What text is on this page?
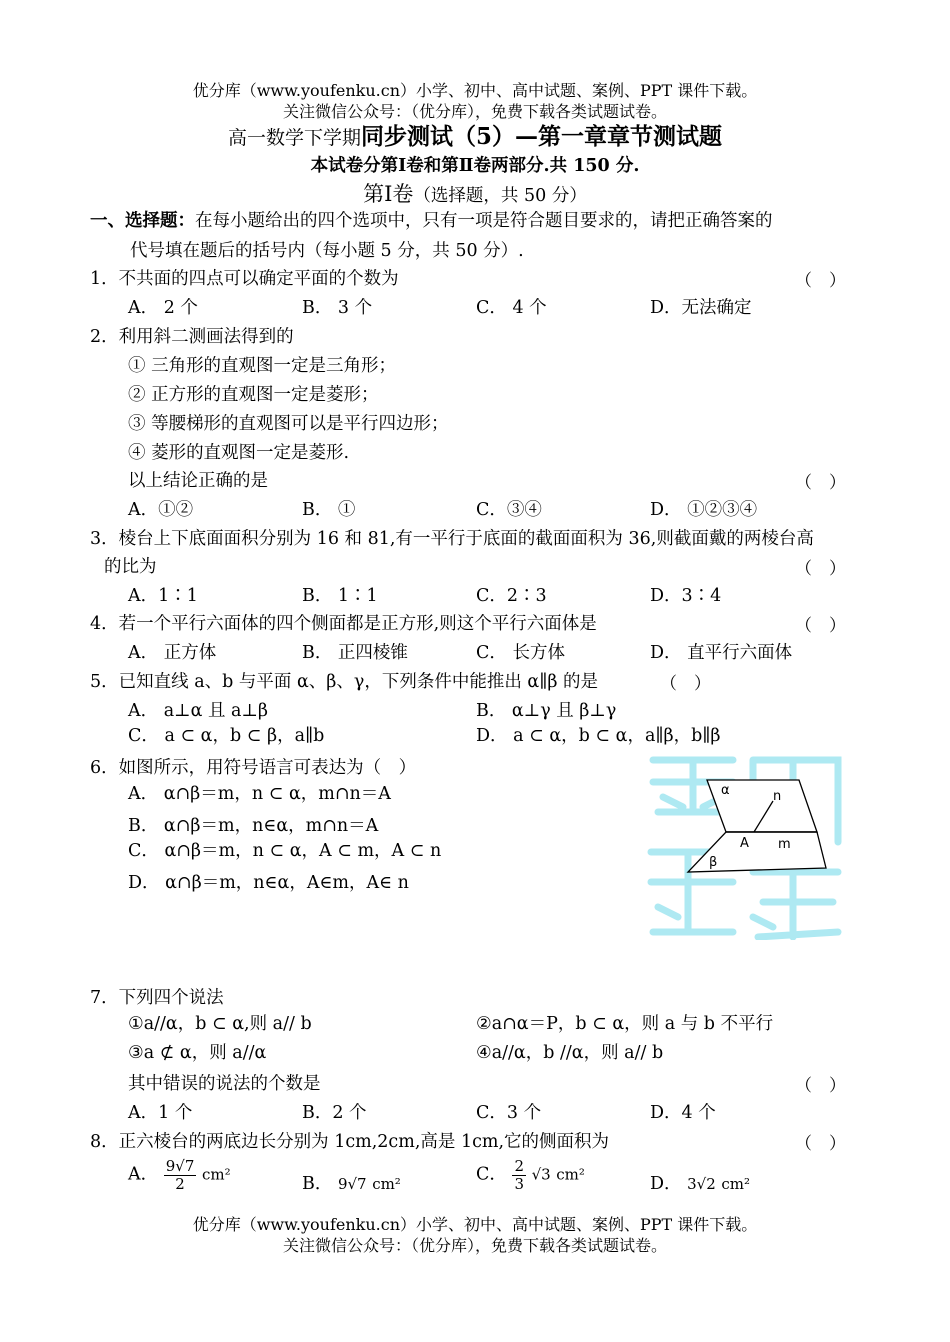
优分库（www.youfenku.cn）小学、初中、高中试题、案例、PPT 课件下载。
关注微信公众号：（优分库），免费下载各类试题试卷。
高一数学下学期同步测试（5）—第一章章节测试题
本试卷分第Ⅰ卷和第Ⅱ卷两部分.共 150 分.
第Ⅰ卷（选择题，共 50 分）
一、选择题：在每小题给出的四个选项中，只有一项是符合题目要求的，请把正确答案的
代号填在题后的括号内（每小题 5 分，共 50 分）.
1．不共面的四点可以确定平面的个数为	（　）
A． 2 个	B． 3 个	C． 4 个	D．无法确定
2．利用斜二测画法得到的
① 三角形的直观图一定是三角形；
② 正方形的直观图一定是菱形；
③ 等腰梯形的直观图可以是平行四边形；
④ 菱形的直观图一定是菱形.
以上结论正确的是	（　）
A．①②	B． ①	C．③④	D． ①②③④
3．棱台上下底面面积分别为 16 和 81,有一平行于底面的截面面积为 36,则截面戴的两棱台高
的比为	（　）
A．1∶1	B． 1∶1	C．2∶3	D．3∶4
4．若一个平行六面体的四个侧面都是正方形,则这个平行六面体是	（　）
A． 正方体	B． 正四棱锥	C． 长方体	D． 直平行六面体
5．已知直线 a、b 与平面 α、β、γ，下列条件中能推出 α∥β 的是	（　）
A． a⊥α 且 a⊥β	B． α⊥γ 且 β⊥γ
C． a ⊂ α，b ⊂ β，a∥b	D． a ⊂ α，b ⊂ α，a∥β，b∥β
6．如图所示，用符号语言可表达为（　）
A． α∩β＝m，n ⊂ α，m∩n＝A
B． α∩β＝m，n∈α，m∩n＝A
C． α∩β＝m，n ⊂ α，A ⊂ m，A ⊂ n
D． α∩β＝m，n∈α，A∈m，A∈ n
α	n
A m
β
7．下列四个说法
①a//α，b ⊂ α,则 a// b	②a∩α＝P，b ⊂ α，则 a 与 b 不平行
③a ⊄ α，则 a//α	④a//α，b //α，则 a// b
其中错误的说法的个数是	（　）
A．1 个	B．2 个	C．3 个	D．4 个
8．正六棱台的两底边长分别为 1cm,2cm,高是 1cm,它的侧面积为	（　）
A． $\frac{9√7}{2} cm^2$	B． 9√7 cm²	C． $\frac{2}{3} √3$ cm²	D． 3√2 cm²
优分库（www.youfenku.cn）小学、初中、高中试题、案例、PPT 课件下载。
关注微信公众号：（优分库），免费下载各类试题试卷。
